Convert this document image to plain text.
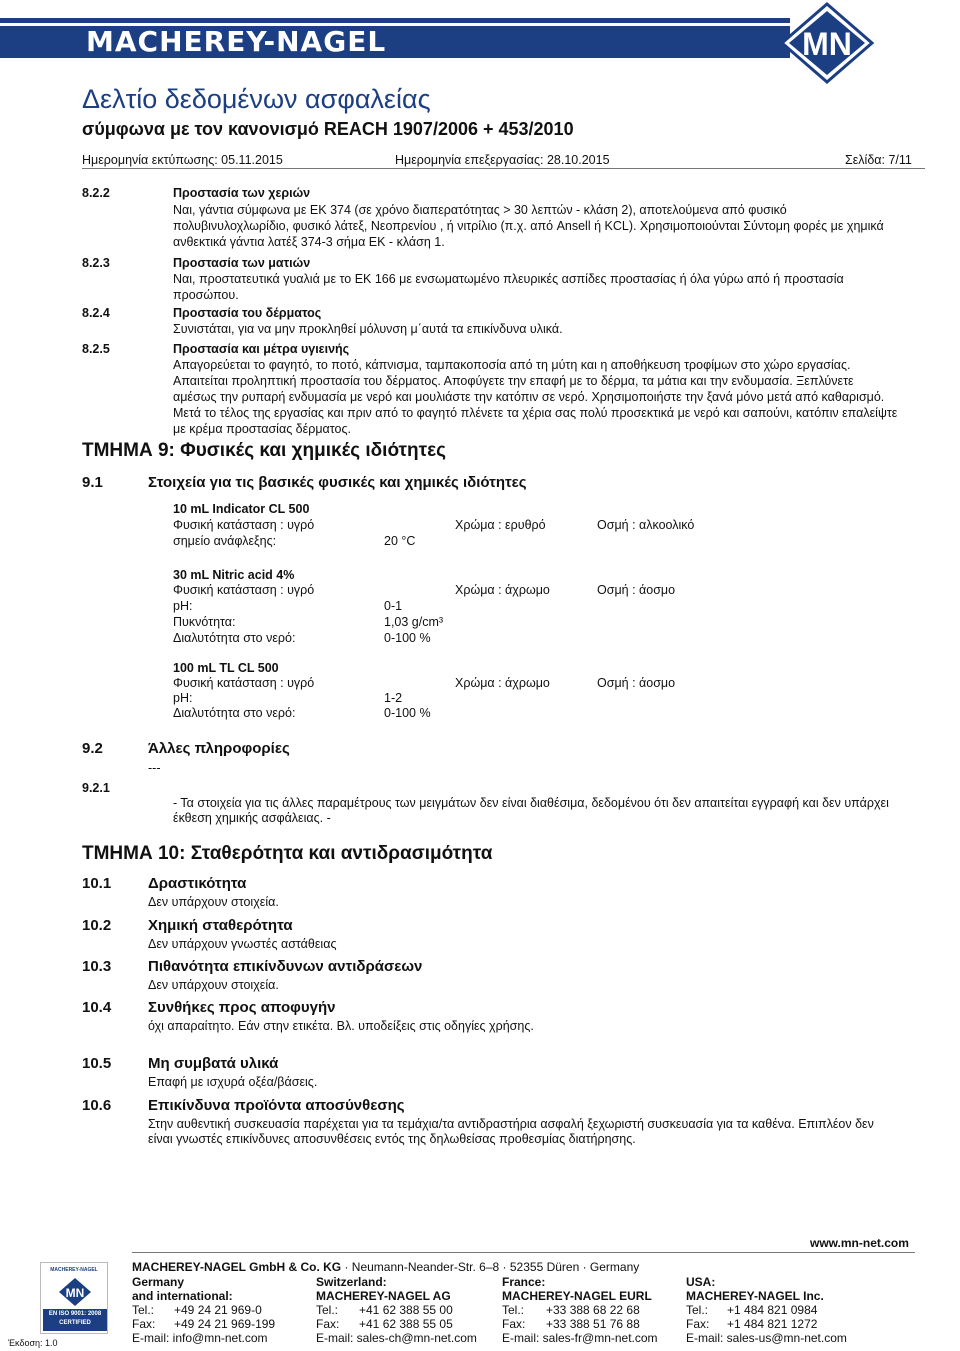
MACHEREY-NAGEL	MN
Δελτίο δεδομένων ασφαλείας
σύμφωνα με τον κανονισμό REACH 1907/2006 + 453/2010
Ημερομηνία εκτύπωσης: 05.11.2015	Ημερομηνία επεξεργασίας: 28.10.2015	Σελίδα: 7/11
8.2.2	Προστασία των χεριών
Ναι, γάντια σύμφωνα με ΕΚ 374 (σε χρόνο διαπερατότητας > 30 λεπτών - κλάση 2), αποτελούμενα από φυσικό
πολυβινυλοχλωρίδιο, φυσικό λάτεξ, Νεοπρενίου , ή νιτρίλιο (π.χ. από Ansell ή KCL). Χρησιμοποιούνται Σύντομη φορές με χημικά
ανθεκτικά γάντια λατέξ 374-3 σήμα ΕΚ - κλάση 1.
8.2.3	Προστασία των ματιών
Ναι, προστατευτικά γυαλιά με το ΕΚ 166 με ενσωματωμένο πλευρικές ασπίδες προστασίας ή όλα γύρω από ή προστασία
προσώπου.
8.2.4	Προστασία του δέρματος
Συνιστάται, για να μην προκληθεί μόλυνση μ΄αυτά τα επικίνδυνα υλικά.
8.2.5	Προστασία και μέτρα υγιεινής
Απαγορεύεται το φαγητό, το ποτό, κάπνισμα, ταμπακοποσία από τη μύτη και η αποθήκευση τροφίμων στο χώρο εργασίας.
Απαιτείται προληπτική προστασία του δέρματος. Αποφύγετε την επαφή με το δέρμα, τα μάτια και την ενδυμασία. Ξεπλύνετε
αμέσως την ρυπαρή ενδυμασία με νερό και μουλιάστε την κατόπιν σε νερό. Χρησιμοποιήστε την ξανά μόνο μετά από καθαρισμό.
Μετά το τέλος της εργασίας και πριν από το φαγητό πλένετε τα χέρια σας πολύ προσεκτικά με νερό και σαπούνι, κατόπιν επαλείψτε
με κρέμα προστασίας δέρματος.
ΤΜΗΜΑ 9: Φυσικές και χημικές ιδιότητες
9.1	Στοιχεία για τις βασικές φυσικές και χημικές ιδιότητες
10 mL Indicator CL 500
Φυσική κατάσταση : υγρό	Χρώμα : ερυθρό	Οσμή : αλκοολικό
σημείο ανάφλεξης:	20 °C
30 mL Nitric acid 4%
Φυσική κατάσταση : υγρό	Χρώμα : άχρωμο	Οσμή : άοσμο
pH:	0-1
Πυκνότητα:	1,03 g/cm³
Διαλυτότητα στο νερό:	0-100 %
100 mL TL CL 500
Φυσική κατάσταση : υγρό	Χρώμα : άχρωμο	Οσμή : άοσμο
pH:	1-2
Διαλυτότητα στο νερό:	0-100 %
9.2	Άλλες πληροφορίες
---
9.2.1
- Τα στοιχεία για τις άλλες παραμέτρους των μειγμάτων δεν είναι διαθέσιμα, δεδομένου ότι δεν απαιτείται εγγραφή και δεν υπάρχει
έκθεση χημικής ασφάλειας. -
ΤΜΗΜΑ 10: Σταθερότητα και αντιδρασιμότητα
10.1 Δραστικότητα
Δεν υπάρχουν στοιχεία.
10.2 Χημική σταθερότητα
Δεν υπάρχουν γνωστές αστάθειας
10.3 Πιθανότητα επικίνδυνων αντιδράσεων
Δεν υπάρχουν στοιχεία.
10.4 Συνθήκες προς αποφυγήν
όχι απαραίτητο. Εάν στην ετικέτα. Βλ. υποδείξεις στις οδηγίες χρήσης.
10.5 Μη συμβατά υλικά
Επαφή με ισχυρά οξέα/βάσεις.
10.6 Επικίνδυνα προϊόντα αποσύνθεσης
Στην αυθεντική συσκευασία παρέχεται για τα τεμάχια/τα αντιδραστήρια ασφαλή ξεχωριστή συσκευασία για τα καθένα. Επιπλέον δεν
είναι γνωστές επικίνδυνες αποσυνθέσεις εντός της δηλωθείσας προθεσμίας διατήρησης.
www.mn-net.com
MACHEREY-NAGEL
MN
EN ISO 9001: 2008
CERTIFIED
Έκδοση: 1.0
MACHEREY-NAGEL GmbH & Co. KG · Neumann-Neander-Str. 6–8 · 52355 Düren · Germany
Germany
and international:
Tel.: +49 24 21 969-0
Fax: +49 24 21 969-199
E-mail: info@mn-net.com
Switzerland:
MACHEREY-NAGEL AG
Tel.: +41 62 388 55 00
Fax: +41 62 388 55 05
E-mail: sales-ch@mn-net.com
France:
MACHEREY-NAGEL EURL
Tel.: +33 388 68 22 68
Fax: +33 388 51 76 88
E-mail: sales-fr@mn-net.com
USA:
MACHEREY-NAGEL Inc.
Tel.: +1 484 821 0984
Fax: +1 484 821 1272
E-mail: sales-us@mn-net.com
